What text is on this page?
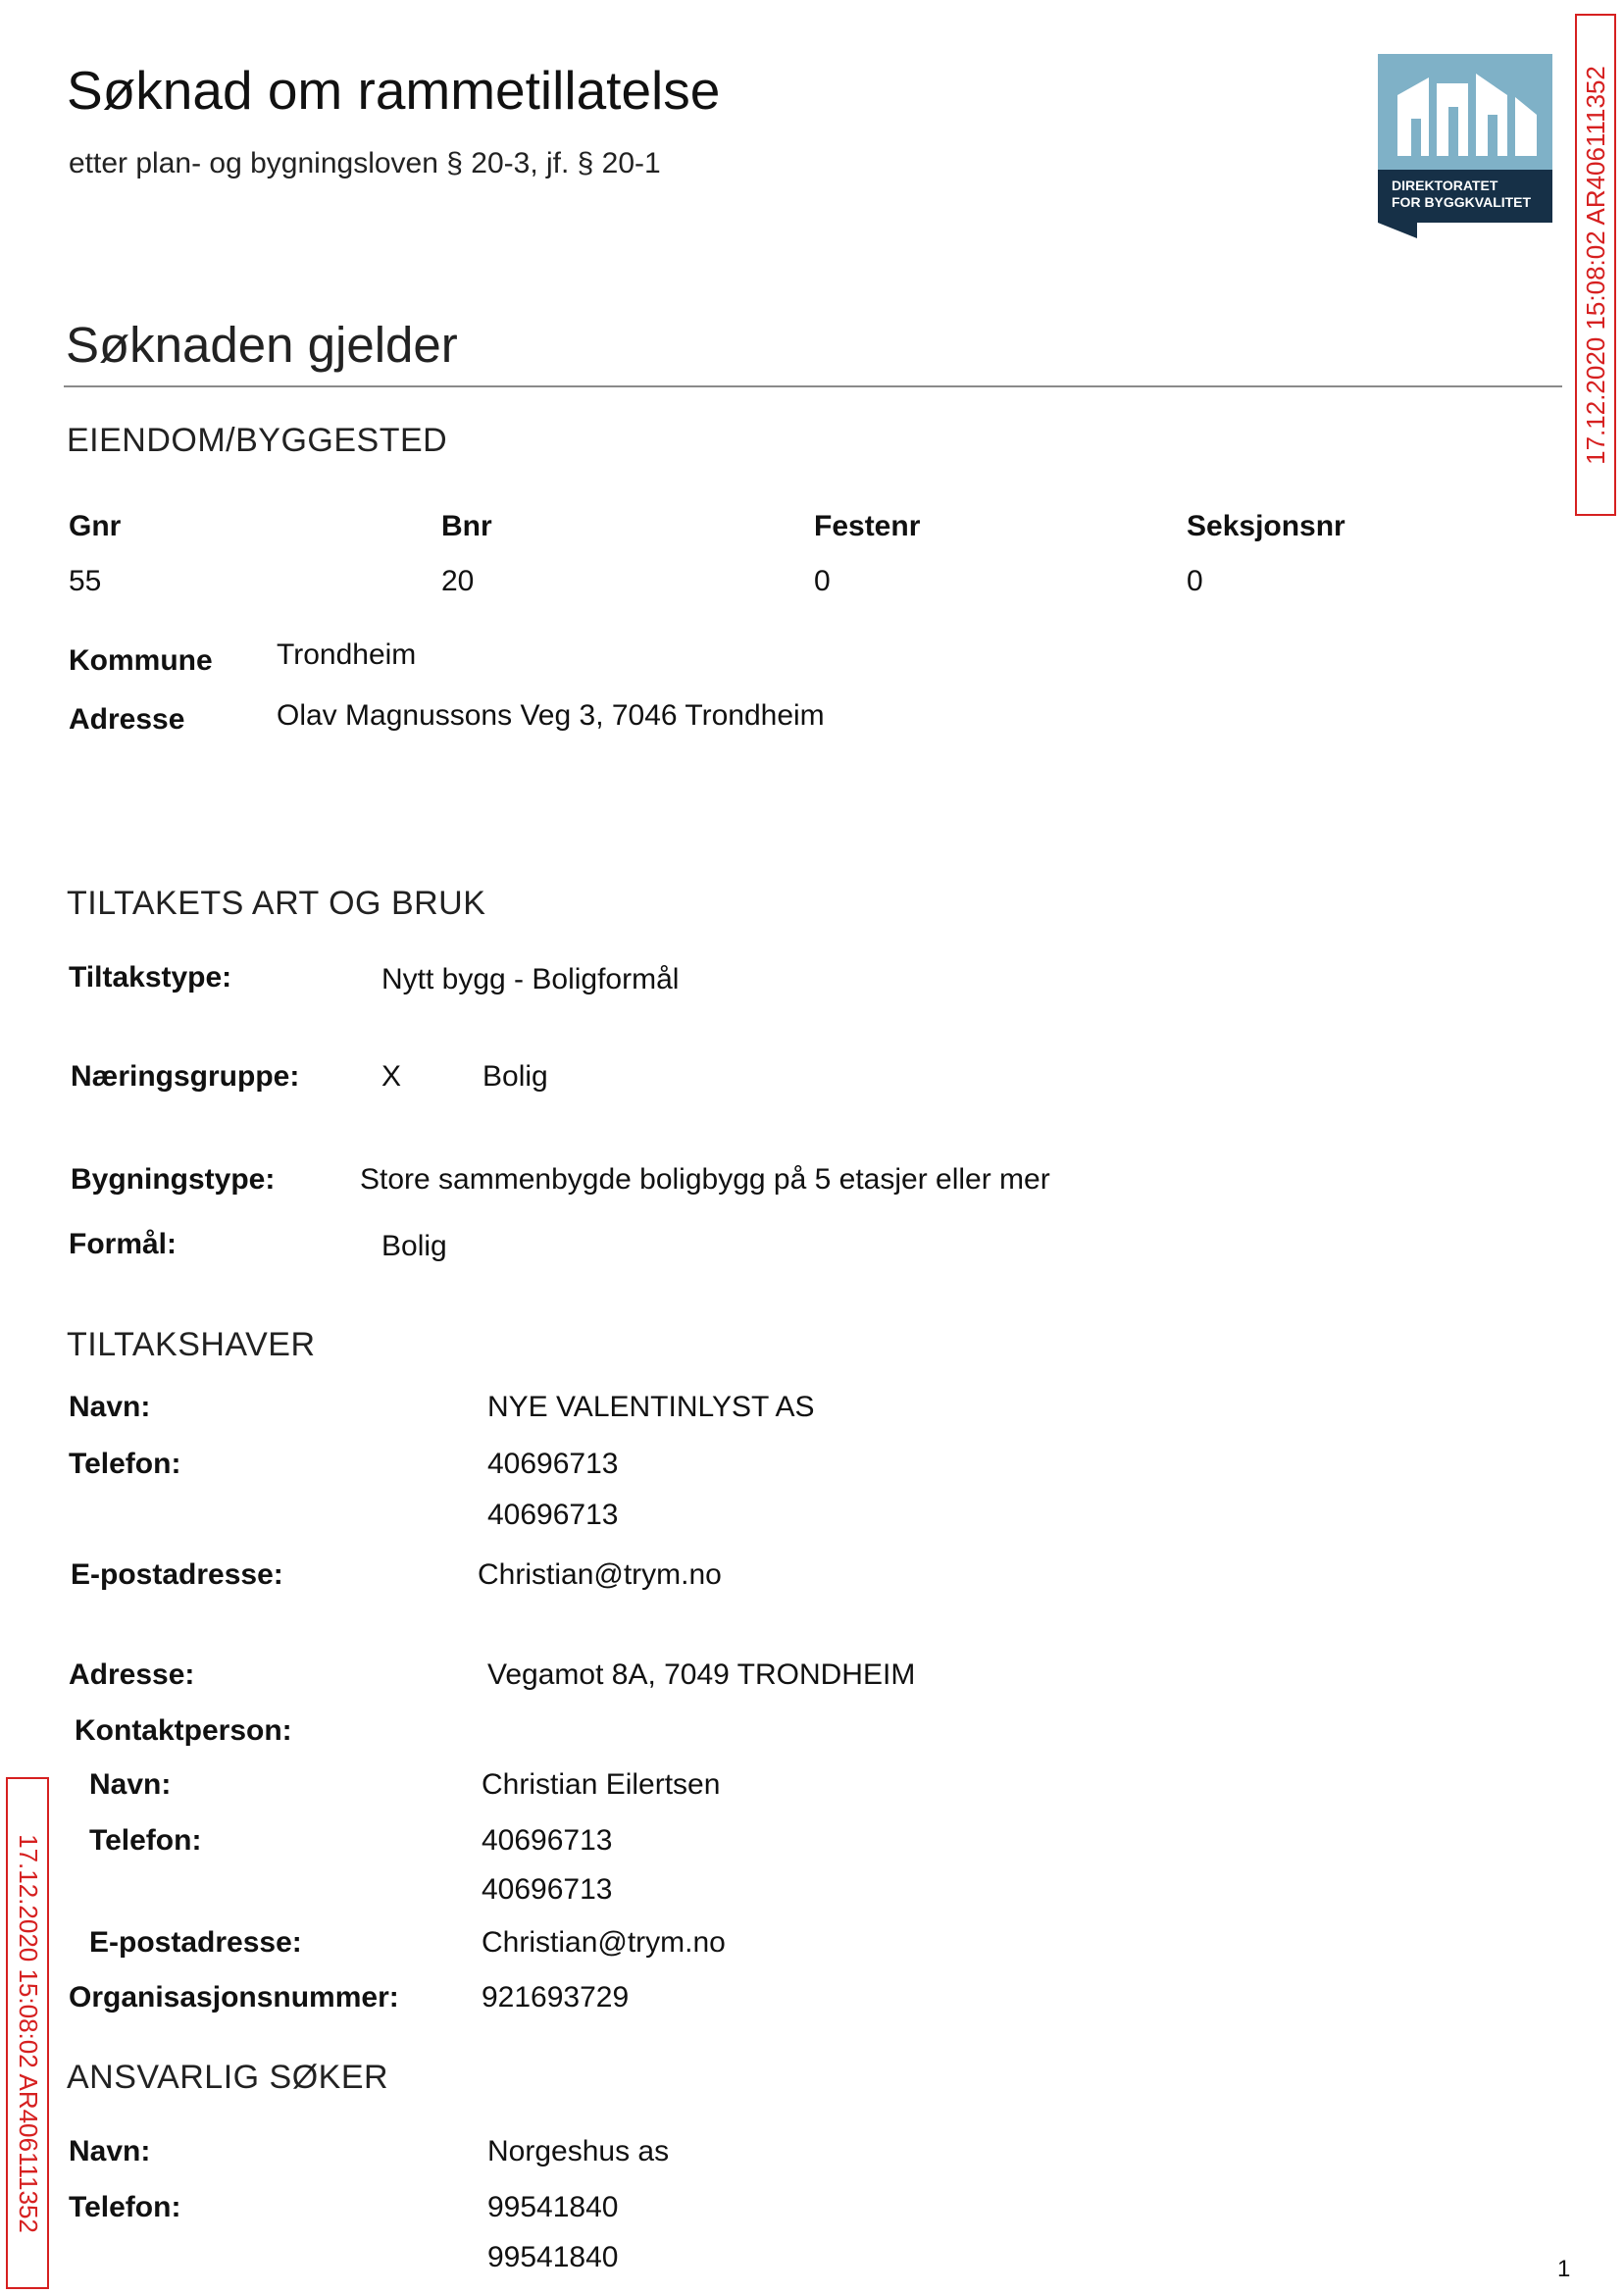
Søknad om rammetillatelse
etter plan- og bygningsloven § 20-3, jf. § 20-1
DIREKTORATET
FOR BYGGKVALITET 17.12.2020 15:08:02 AR406111352
17.12.2020 15:08:02 AR406111352
Søknaden gjelder
EIENDOM/BYGGESTED
Gnr	Bnr	Festenr	Seksjonsnr
55	20	0	0
Kommune Trondheim
Adresse	Olav Magnussons Veg 3, 7046 Trondheim
TILTAKETS ART OG BRUK
Tiltakstype:	Nytt bygg - Boligformål
Næringsgruppe:	X	Bolig
Bygningstype:	Store sammenbygde boligbygg på 5 etasjer eller mer
Formål:	Bolig
TILTAKSHAVER
Navn:	NYE VALENTINLYST AS
Telefon:	40696713
40696713
E-postadresse:	Christian@trym.no
Adresse:	Vegamot 8A, 7049 TRONDHEIM
Kontaktperson:
Navn:	Christian Eilertsen
Telefon:	40696713
40696713
E-postadresse:	Christian@trym.no
Organisasjonsnummer:	921693729
ANSVARLIG SØKER
Navn:	Norgeshus as
Telefon:	99541840
99541840	1
